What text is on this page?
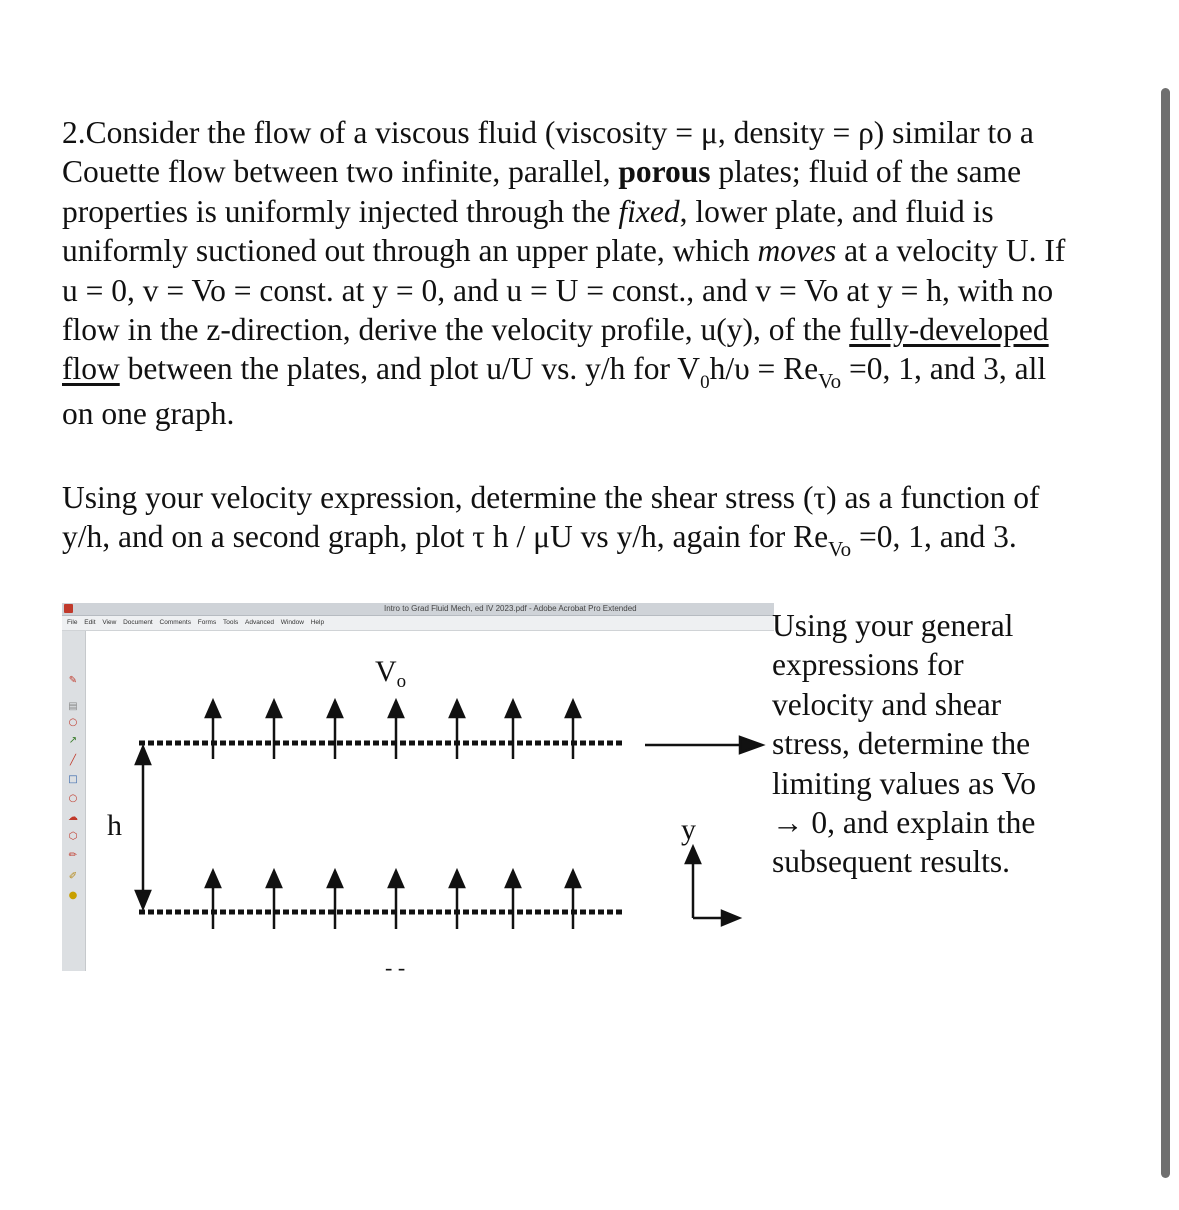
2.Consider the flow of a viscous fluid (viscosity = μ, density = ρ) similar to a Couette flow between two infinite, parallel, porous plates; fluid of the same properties is uniformly injected through the fixed, lower plate, and fluid is uniformly suctioned out through an upper plate, which moves at a velocity U. If u = 0, v = Vo = const. at y = 0, and u = U = const., and v = Vo at y = h, with no flow in the z-direction, derive the velocity profile, u(y), of the fully-developed flow between the plates, and plot u/U vs. y/h for $V_0h/\upsilon = Re_{Vo} =0$, 1, and 3, all on one graph.

Using your velocity expression, determine the shear stress (τ) as a function of y/h, and on a second graph, plot τ h / μU vs y/h, again for $Re_{Vo} =0$, 1, and 3.

Intro to Grad Fluid Mech, ed IV 2023.pdf - Adobe Acrobat Pro Extended
File Edit View Document Comments Forms Tools Advanced Window Help
✎
▤
○
↗
╱
□
○
☁
⬡
✏
✐
●
$V_o$
h	y
- -

Using your general expressions for velocity and shear stress, determine the limiting values as Vo → 0, and explain the subsequent results.
